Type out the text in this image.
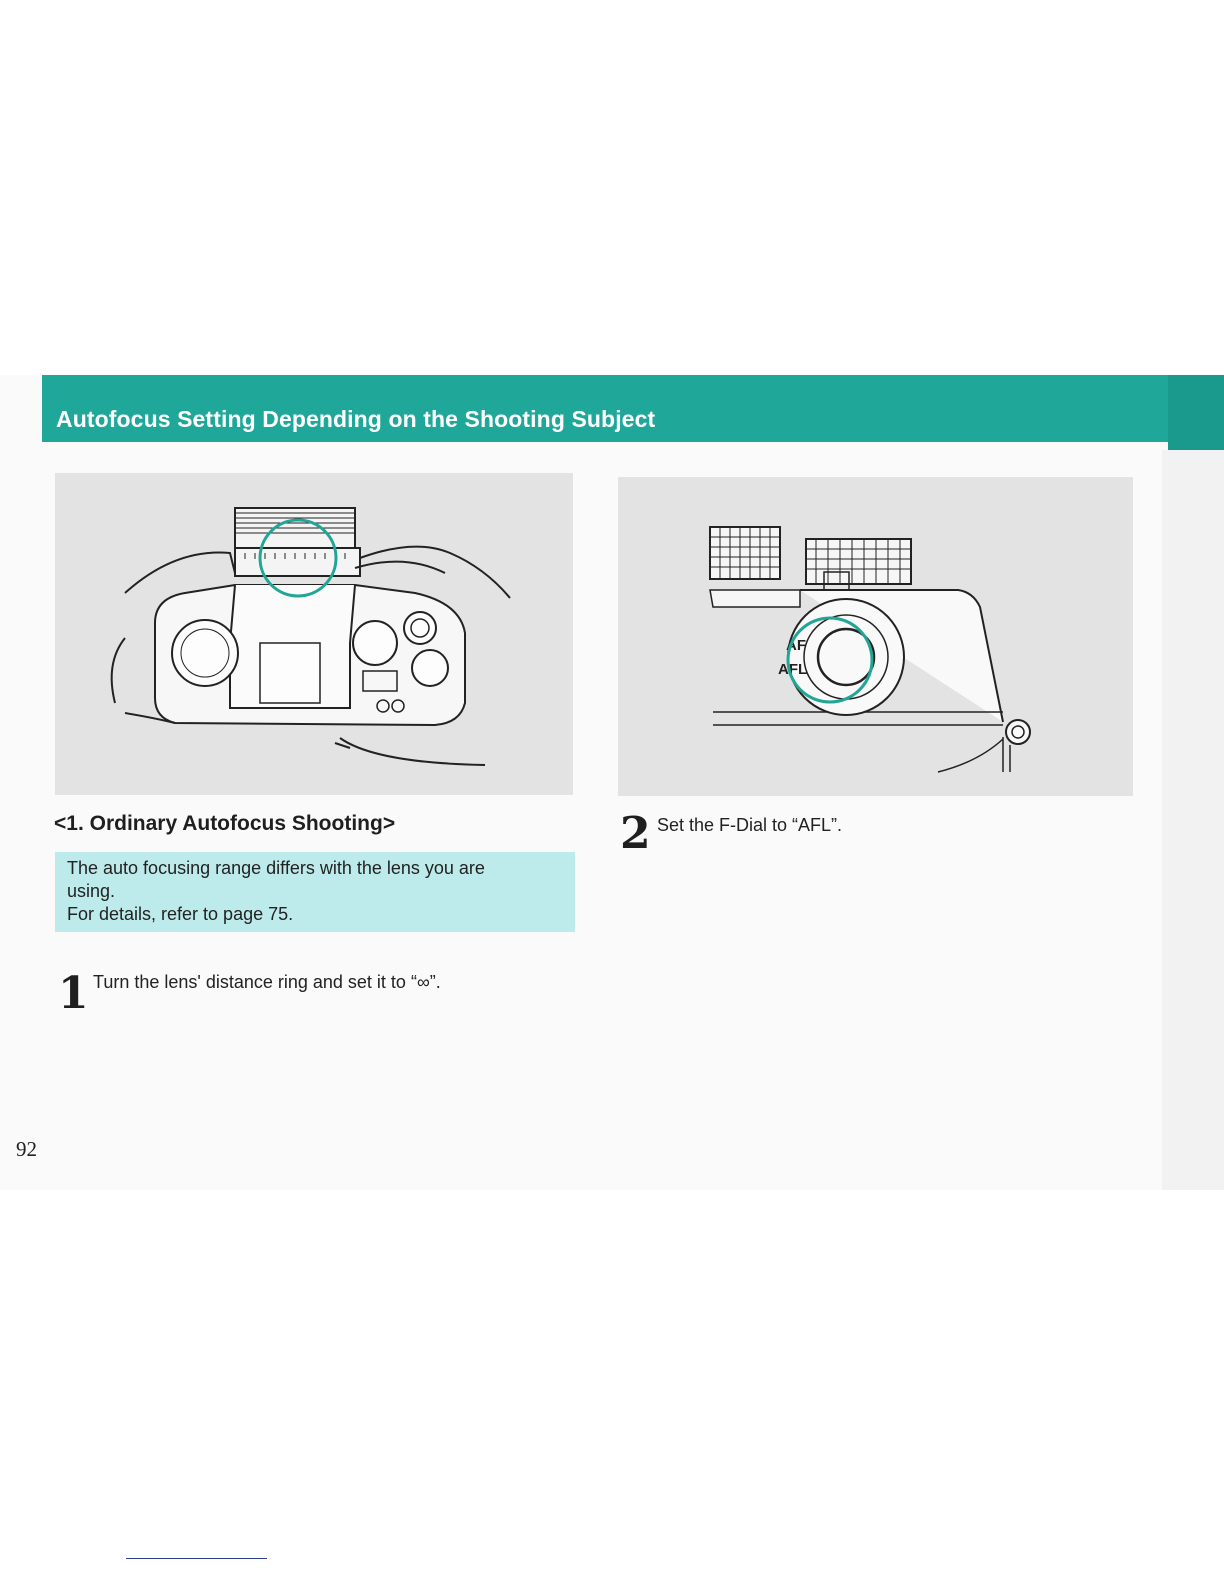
Autofocus Setting Depending on the Shooting Subject
AF
AFL
<1. Ordinary Autofocus Shooting>
The auto focusing range differs with the lens you are
using.
For details, refer to page 75.
1 Turn the lens' distance ring and set it to “∞”.
2 Set the F-Dial to “AFL”.
92
